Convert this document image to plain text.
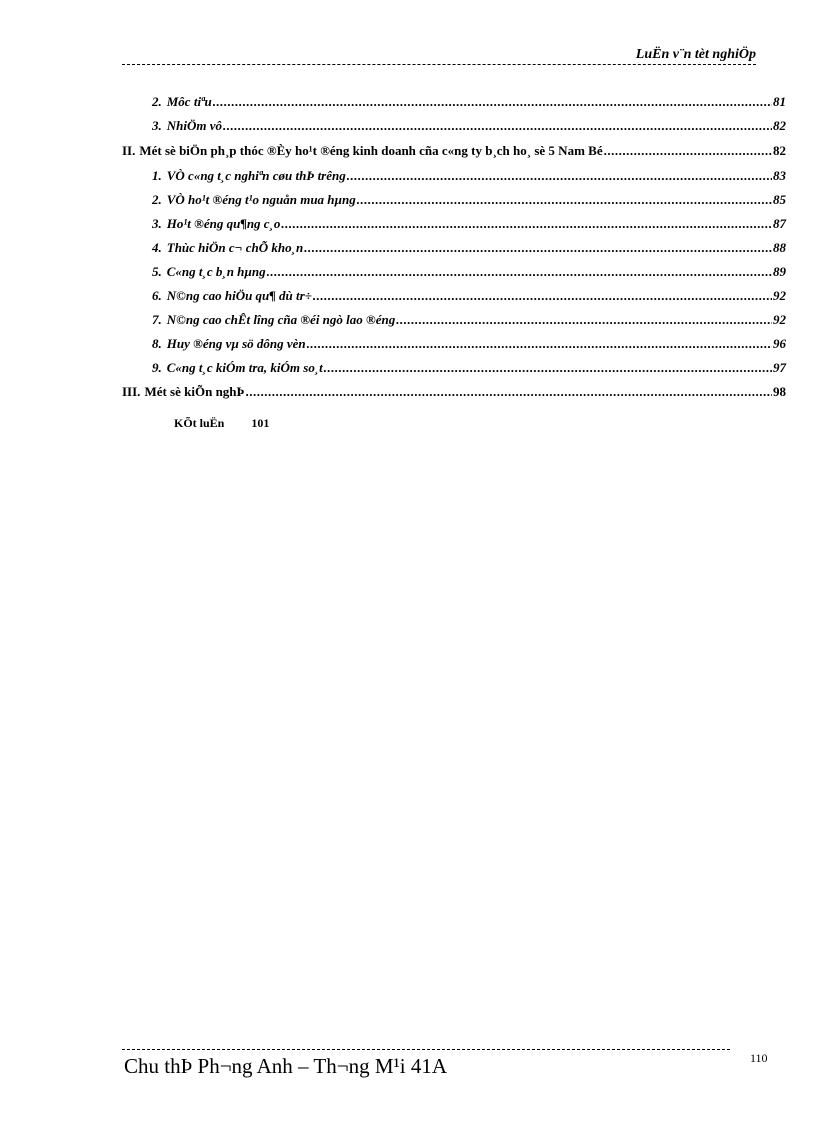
LuËn v¨n tèt nghiÖp
2. Môc tiªu .....	81
3. NhiÖm vô .....	82
II. Mét sè biÖn ph¸p thóc ®Èy ho¹t ®éng kinh doanh cña c«ng ty b¸ch ho¸ sè 5 Nam Bé .....	82
1. VÒ c«ng t¸c nghiªn cøu thÞ trêng .....	83
2. VÒ ho¹t ®éng t¹o nguån mua hµng .....	85
3. Ho¹t ®éng qu¶ng c¸o .....	87
4. Thùc hiÖn c¬ chÕ kho¸n .....	88
5. C«ng t¸c b¸n hµng .....	89
6. N©ng cao hiÖu qu¶ dù tr÷ .....	92
7. N©ng cao chÊt lîng cña ®éi ngò lao ®éng .....	92
8. Huy ®éng vµ sö dông vèn .....	96
9. C«ng t¸c kiÓm tra, kiÓm so¸t .....	97
III. Mét sè kiÕn nghÞ .....	98
KÕt luËn 101
Chu thÞ Ph¬ng Anh – Th¬ng M¹i 41A	110
